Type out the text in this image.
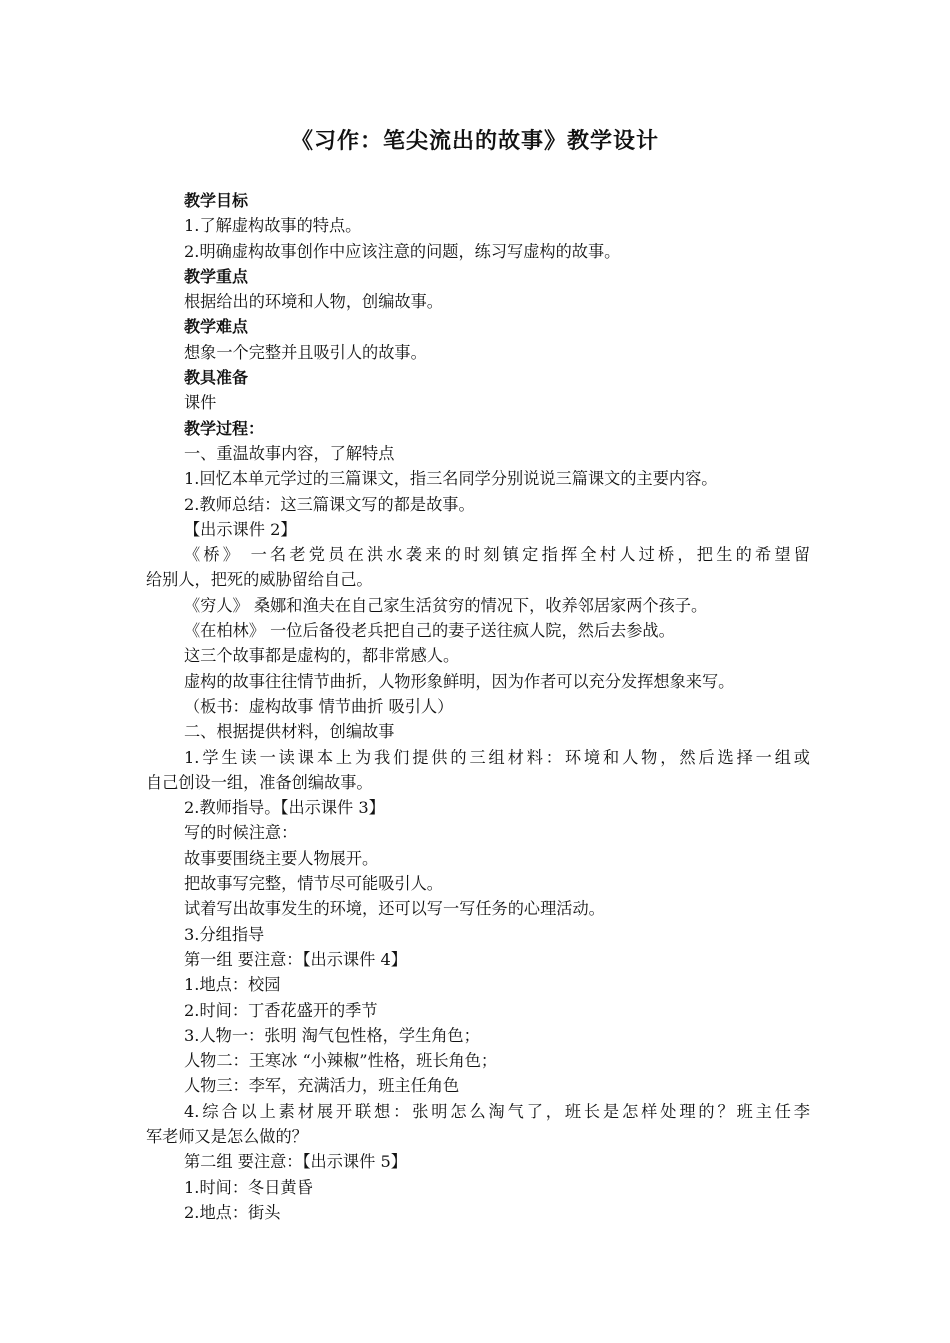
《习作：笔尖流出的故事》教学设计
教学目标
1.了解虚构故事的特点。
2.明确虚构故事创作中应该注意的问题，练习写虚构的故事。
教学重点
根据给出的环境和人物，创编故事。
教学难点
想象一个完整并且吸引人的故事。
教具准备
课件
教学过程：
一、重温故事内容，了解特点
1.回忆本单元学过的三篇课文，指三名同学分别说说三篇课文的主要内容。
2.教师总结：这三篇课文写的都是故事。
【出示课件 2】
《桥》 一名老党员在洪水袭来的时刻镇定指挥全村人过桥，把生的希望留
给别人，把死的威胁留给自己。
《穷人》 桑娜和渔夫在自己家生活贫穷的情况下，收养邻居家两个孩子。
《在柏林》 一位后备役老兵把自己的妻子送往疯人院，然后去参战。
这三个故事都是虚构的，都非常感人。
虚构的故事往往情节曲折，人物形象鲜明，因为作者可以充分发挥想象来写。
（板书：虚构故事 情节曲折 吸引人）
二、根据提供材料，创编故事
1.学生读一读课本上为我们提供的三组材料：环境和人物，然后选择一组或
自己创设一组，准备创编故事。
2.教师指导。【出示课件 3】
写的时候注意：
故事要围绕主要人物展开。
把故事写完整，情节尽可能吸引人。
试着写出故事发生的环境，还可以写一写任务的心理活动。
3.分组指导
第一组 要注意：【出示课件 4】
1.地点：校园
2.时间：丁香花盛开的季节
3.人物一：张明 淘气包性格，学生角色；
人物二：王寒冰 “小辣椒”性格，班长角色；
人物三：李军，充满活力，班主任角色
4.综合以上素材展开联想：张明怎么淘气了，班长是怎样处理的？班主任李
军老师又是怎么做的？
第二组 要注意：【出示课件 5】
1.时间：冬日黄昏
2.地点：街头
